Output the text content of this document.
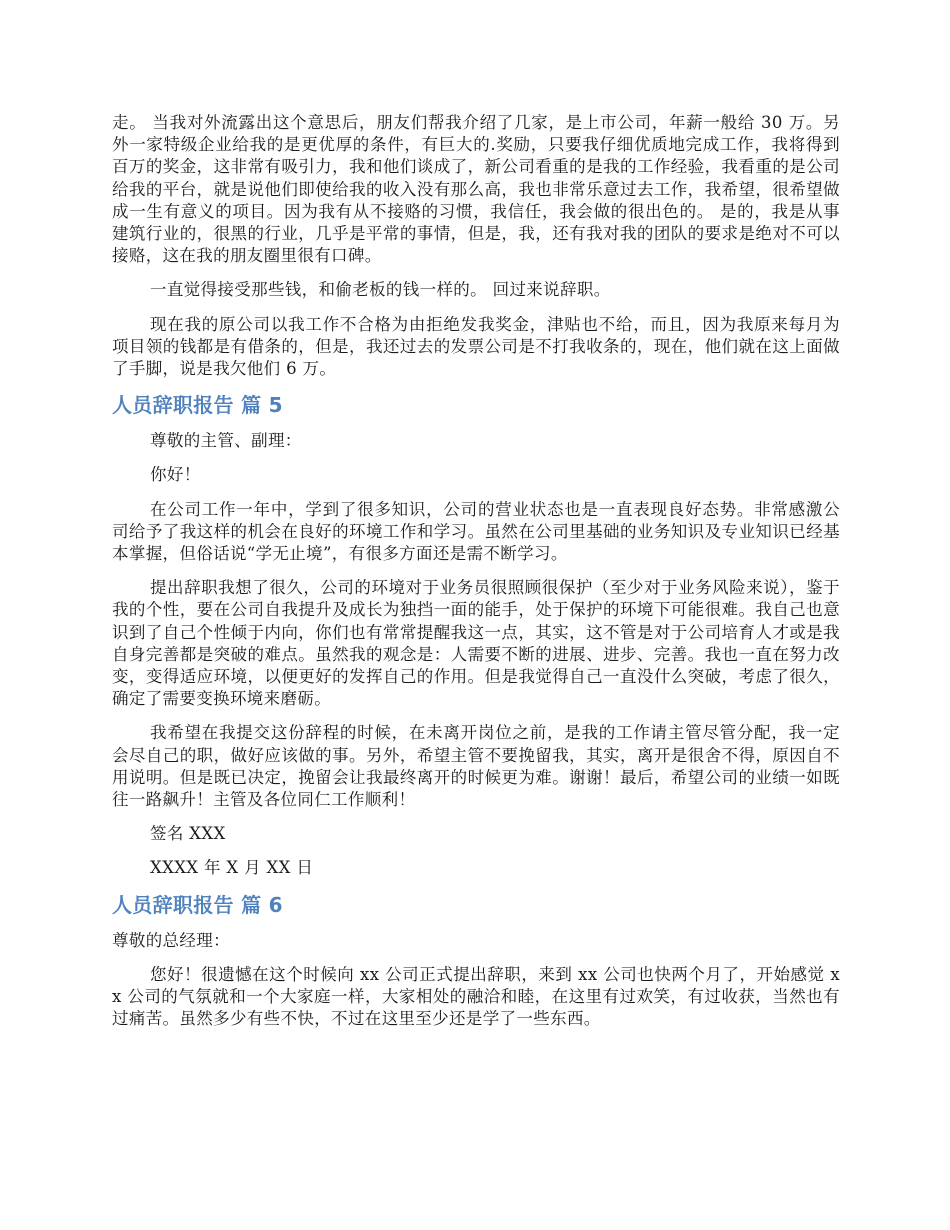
走。 当我对外流露出这个意思后，朋友们帮我介绍了几家，是上市公司，年薪一般给 30 万。另外一家特级企业给我的是更优厚的条件，有巨大的.奖励，只要我仔细优质地完成工作，我将得到百万的奖金，这非常有吸引力，我和他们谈成了，新公司看重的是我的工作经验，我看重的是公司给我的平台，就是说他们即使给我的收入没有那么高，我也非常乐意过去工作，我希望，很希望做成一生有意义的项目。因为我有从不接赂的习惯，我信任，我会做的很出色的。 是的，我是从事建筑行业的，很黑的行业，几乎是平常的事情，但是，我，还有我对我的团队的要求是绝对不可以接赂，这在我的朋友圈里很有口碑。

一直觉得接受那些钱，和偷老板的钱一样的。 回过来说辞职。

现在我的原公司以我工作不合格为由拒绝发我奖金，津贴也不给，而且，因为我原来每月为项目领的钱都是有借条的，但是，我还过去的发票公司是不打我收条的，现在，他们就在这上面做了手脚，说是我欠他们 6 万。

人员辞职报告 篇 5

尊敬的主管、副理：

你好！

在公司工作一年中，学到了很多知识，公司的营业状态也是一直表现良好态势。非常感激公司给予了我这样的机会在良好的环境工作和学习。虽然在公司里基础的业务知识及专业知识已经基本掌握，但俗话说“学无止境”，有很多方面还是需不断学习。

提出辞职我想了很久，公司的环境对于业务员很照顾很保护（至少对于业务风险来说），鉴于我的个性，要在公司自我提升及成长为独挡一面的能手，处于保护的环境下可能很难。我自己也意识到了自己个性倾于内向，你们也有常常提醒我这一点，其实，这不管是对于公司培育人才或是我自身完善都是突破的难点。虽然我的观念是：人需要不断的进展、进步、完善。我也一直在努力改变，变得适应环境，以便更好的发挥自己的作用。但是我觉得自己一直没什么突破，考虑了很久，确定了需要变换环境来磨砺。

我希望在我提交这份辞程的时候，在未离开岗位之前，是我的工作请主管尽管分配，我一定会尽自己的职，做好应该做的事。另外，希望主管不要挽留我，其实，离开是很舍不得，原因自不用说明。但是既已决定，挽留会让我最终离开的时候更为难。谢谢！最后，希望公司的业绩一如既往一路飙升！主管及各位同仁工作顺利！

签名 XXX

XXXX 年 X 月 XX 日

人员辞职报告 篇 6

尊敬的总经理：

您好！很遗憾在这个时候向 xx 公司正式提出辞职，来到 xx 公司也快两个月了，开始感觉 xx 公司的气氛就和一个大家庭一样，大家相处的融洽和睦，在这里有过欢笑，有过收获，当然也有过痛苦。虽然多少有些不快，不过在这里至少还是学了一些东西。
